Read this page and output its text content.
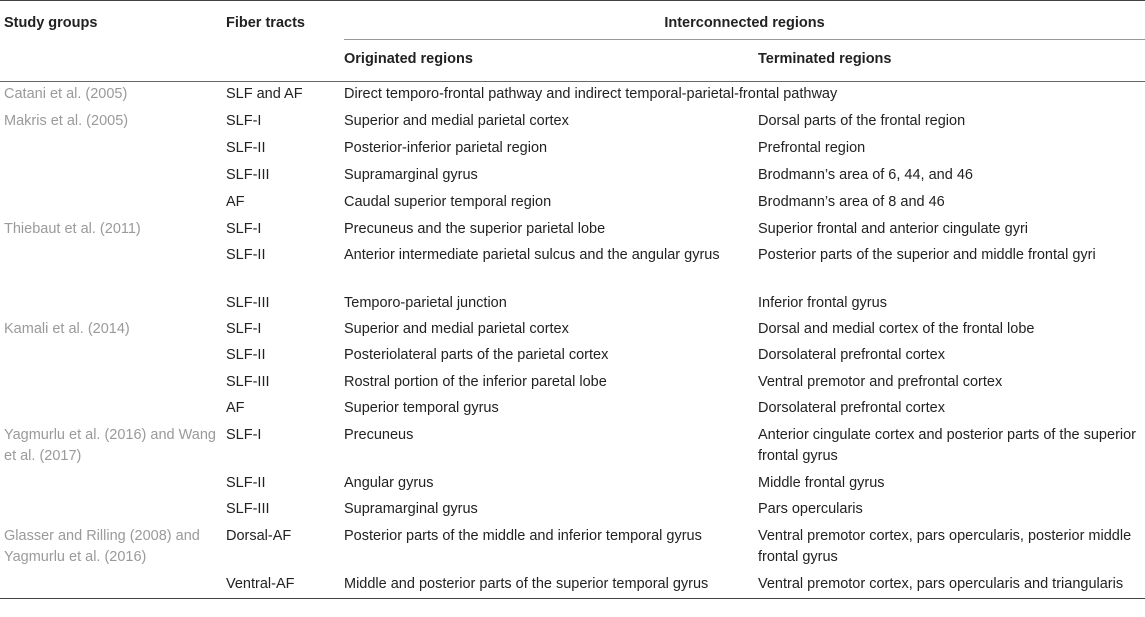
Study groups	Fiber tracts	Interconnected regions	

		Originated regions	Terminated regions
Catani et al. (2005)	SLF and AF	Direct temporo-frontal pathway and indirect temporal-parietal-frontal pathway	
Makris et al. (2005)	SLF-I	Superior and medial parietal cortex	Dorsal parts of the frontal region
	SLF-II	Posterior-inferior parietal region	Prefrontal region
	SLF-III	Supramarginal gyrus	Brodmann’s area of 6, 44, and 46
	AF	Caudal superior temporal region	Brodmann’s area of 8 and 46
Thiebaut et al. (2011)	SLF-I	Precuneus and the superior parietal lobe	Superior frontal and anterior cingulate gyri
	SLF-II	Anterior intermediate parietal sulcus and the angular gyrus	Posterior parts of the superior and middle frontal gyri
	SLF-III	Temporo-parietal junction	Inferior frontal gyrus
Kamali et al. (2014)	SLF-I	Superior and medial parietal cortex	Dorsal and medial cortex of the frontal lobe
	SLF-II	Posteriolateral parts of the parietal cortex	Dorsolateral prefrontal cortex
	SLF-III	Rostral portion of the inferior paretal lobe	Ventral premotor and prefrontal cortex
	AF	Superior temporal gyrus	Dorsolateral prefrontal cortex
Yagmurlu et al. (2016) and Wang et al. (2017)	SLF-I	Precuneus	Anterior cingulate cortex and posterior parts of the superior frontal gyrus
	SLF-II	Angular gyrus	Middle frontal gyrus
	SLF-III	Supramarginal gyrus	Pars opercularis
Glasser and Rilling (2008) and Yagmurlu et al. (2016)	Dorsal-AF	Posterior parts of the middle and inferior temporal gyrus	Ventral premotor cortex, pars opercularis, posterior middle frontal gyrus
	Ventral-AF	Middle and posterior parts of the superior temporal gyrus	Ventral premotor cortex, pars opercularis and triangularis
